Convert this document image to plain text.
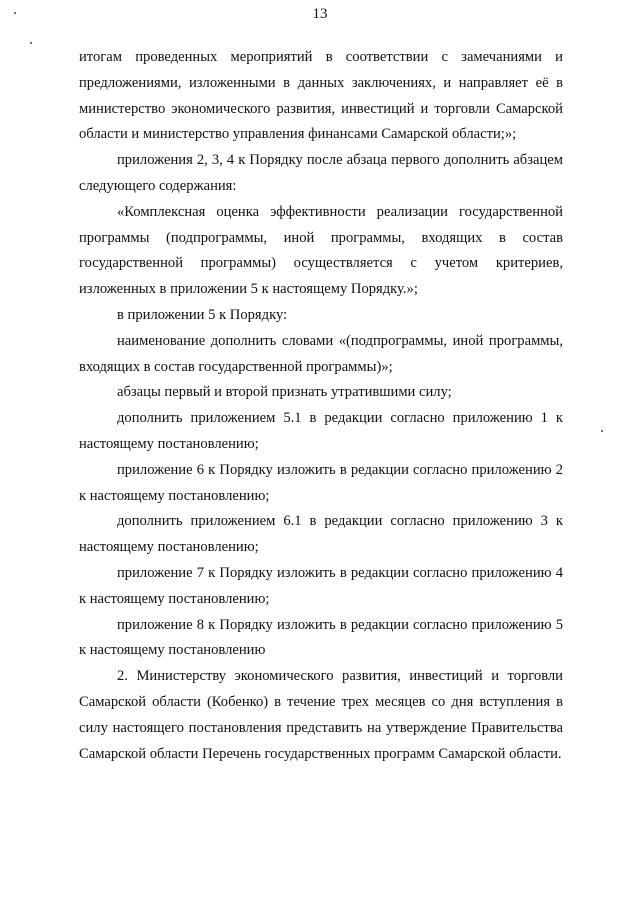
13

итогам проведенных мероприятий в соответствии с замечаниями и предложениями, изложенными в данных заключениях, и направляет её в министерство экономического развития, инвестиций и торговли Самарской области и министерство управления финансами Самарской области;»;

приложения 2, 3, 4 к Порядку после абзаца первого дополнить абзацем следующего содержания:

«Комплексная оценка эффективности реализации государственной программы (подпрограммы, иной программы, входящих в состав государственной программы) осуществляется с учетом критериев, изложенных в приложении 5 к настоящему Порядку.»;

в приложении 5 к Порядку:

наименование дополнить словами «(подпрограммы, иной программы, входящих в состав государственной программы)»;

абзацы первый и второй признать утратившими силу;

дополнить приложением 5.1 в редакции согласно приложению 1 к настоящему постановлению;

приложение 6 к Порядку изложить в редакции согласно приложению 2 к настоящему постановлению;

дополнить приложением 6.1 в редакции согласно приложению 3 к настоящему постановлению;

приложение 7 к Порядку изложить в редакции согласно приложению 4 к настоящему постановлению;

приложение 8 к Порядку изложить в редакции согласно приложению 5 к настоящему постановлению

2. Министерству экономического развития, инвестиций и торговли Самарской области (Кобенко) в течение трех месяцев со дня вступления в силу настоящего постановления представить на утверждение Правительства Самарской области Перечень государственных программ Самарской области.
